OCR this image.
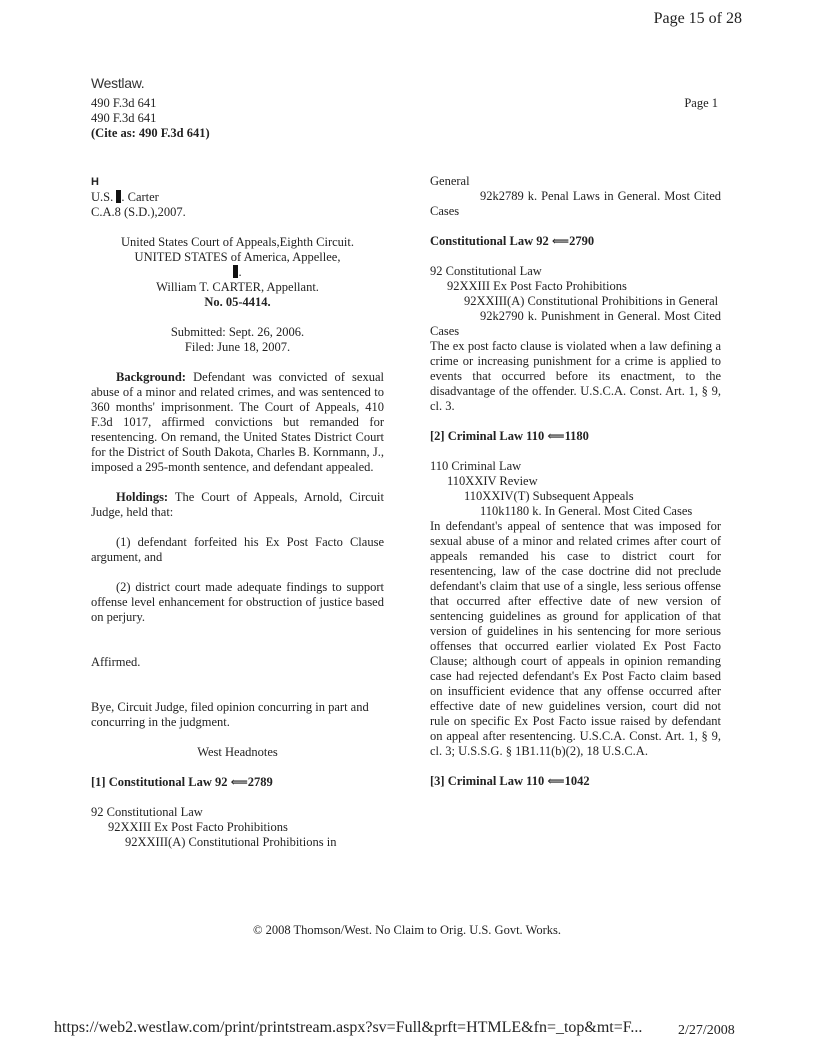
Page 15 of 28
Westlaw.
490 F.3d 641
490 F.3d 641
(Cite as: 490 F.3d 641)
Page 1

H

U.S. . Carter

C.A.8 (S.D.),2007.

United States Court of Appeals,Eighth Circuit.

UNITED STATES of America, Appellee,

.

William T. CARTER, Appellant.

No. 05-4414.

Submitted: Sept. 26, 2006.

Filed: June 18, 2007.

Background: Defendant was convicted of sexual abuse of a minor and related crimes, and was sentenced to 360 months' imprisonment. The Court of Appeals, 410 F.3d 1017, affirmed convictions but remanded for resentencing. On remand, the United States District Court for the District of South Dakota, Charles B. Kornmann, J., imposed a 295-month sentence, and defendant appealed.

Holdings: The Court of Appeals, Arnold, Circuit Judge, held that:

(1) defendant forfeited his Ex Post Facto Clause argument, and

(2) district court made adequate findings to support offense level enhancement for obstruction of justice based on perjury.

Affirmed.

Bye, Circuit Judge, filed opinion concurring in part and concurring in the judgment.

West Headnotes

[1] Constitutional Law 92 ⟸2789

92 Constitutional Law

92XXIII Ex Post Facto Prohibitions

92XXIII(A) Constitutional Prohibitions in

General

92k2789 k. Penal Laws in General. Most Cited Cases

Constitutional Law 92 ⟸2790

92 Constitutional Law

92XXIII Ex Post Facto Prohibitions

92XXIII(A) Constitutional Prohibitions in General

92k2790 k. Punishment in General. Most Cited Cases

The ex post facto clause is violated when a law defining a crime or increasing punishment for a crime is applied to events that occurred before its enactment, to the disadvantage of the offender. U.S.C.A. Const. Art. 1, § 9, cl. 3.

[2] Criminal Law 110 ⟸1180

110 Criminal Law

110XXIV Review

110XXIV(T) Subsequent Appeals

110k1180 k. In General. Most Cited Cases

In defendant's appeal of sentence that was imposed for sexual abuse of a minor and related crimes after court of appeals remanded his case to district court for resentencing, law of the case doctrine did not preclude defendant's claim that use of a single, less serious offense that occurred after effective date of new version of sentencing guidelines as ground for application of that version of guidelines in his sentencing for more serious offenses that occurred earlier violated Ex Post Facto Clause; although court of appeals in opinion remanding case had rejected defendant's Ex Post Facto claim based on insufficient evidence that any offense occurred after effective date of new guidelines version, court did not rule on specific Ex Post Facto issue raised by defendant on appeal after resentencing. U.S.C.A. Const. Art. 1, § 9, cl. 3; U.S.S.G. § 1B1.11(b)(2), 18 U.S.C.A.

[3] Criminal Law 110 ⟸1042

© 2008 Thomson/West. No Claim to Orig. U.S. Govt. Works.
https://web2.westlaw.com/print/printstream.aspx?sv=Full&prft=HTMLE&fn=_top&mt=F...	2/27/2008
